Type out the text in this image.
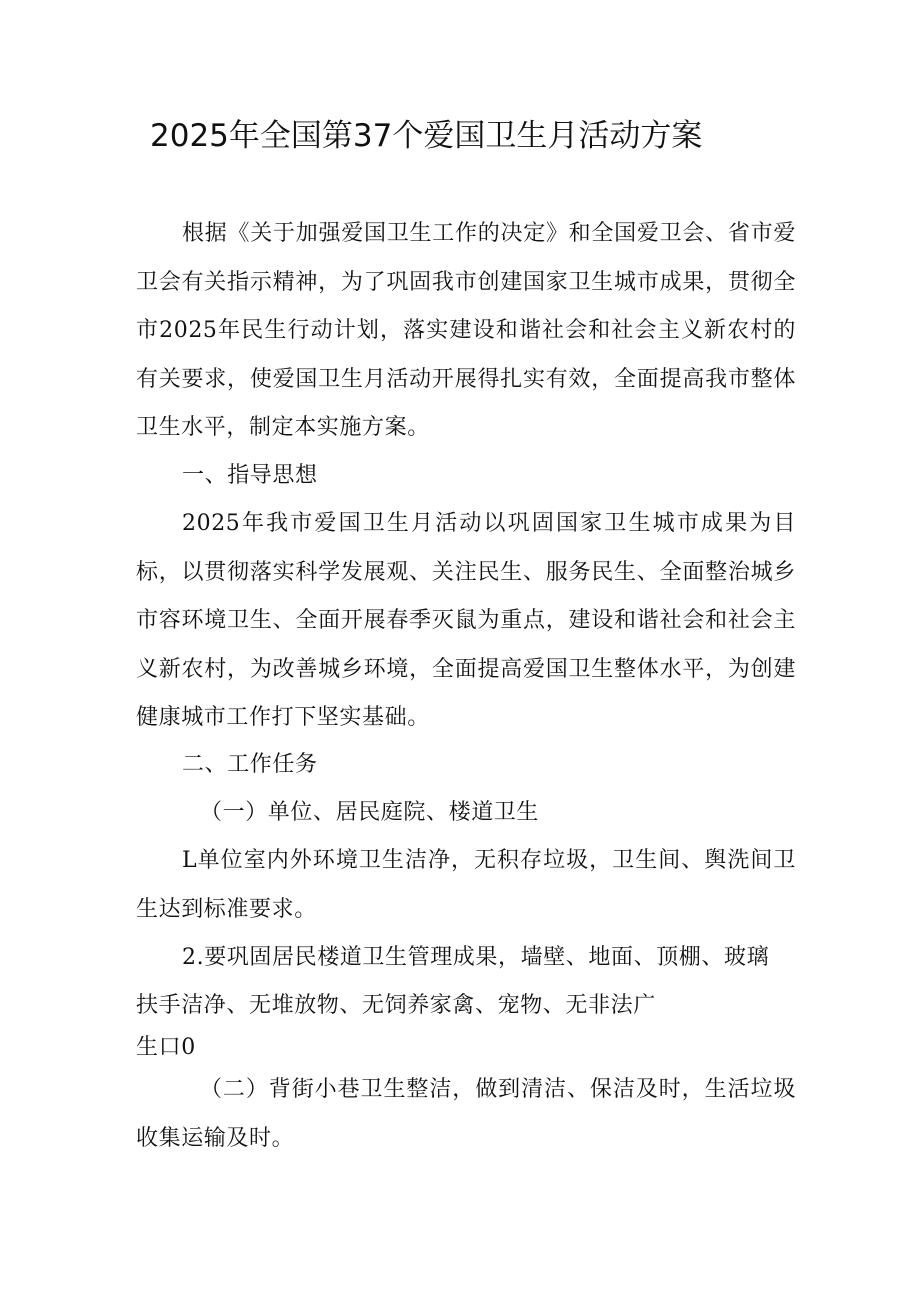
2025年全国第37个爱国卫生月活动方案

根据《关于加强爱国卫生工作的决定》和全国爱卫会、省市爱卫会有关指示精神，为了巩固我市创建国家卫生城市成果，贯彻全市2025年民生行动计划，落实建设和谐社会和社会主义新农村的有关要求，使爱国卫生月活动开展得扎实有效，全面提高我市整体卫生水平，制定本实施方案。

一、指导思想

2025年我市爱国卫生月活动以巩固国家卫生城市成果为目标，以贯彻落实科学发展观、关注民生、服务民生、全面整治城乡市容环境卫生、全面开展春季灭鼠为重点，建设和谐社会和社会主义新农村，为改善城乡环境，全面提高爱国卫生整体水平，为创建健康城市工作打下坚实基础。

二、工作任务

（一）单位、居民庭院、楼道卫生

L单位室内外环境卫生洁净，无积存垃圾，卫生间、舆洗间卫生达到标准要求。

2.要巩固居民楼道卫生管理成果，墙壁、地面、顶棚、玻璃

扶手洁净、无堆放物、无饲养家禽、宠物、无非法广

生口0

（二）背街小巷卫生整洁，做到清洁、保洁及时，生活垃圾收集运输及时。
